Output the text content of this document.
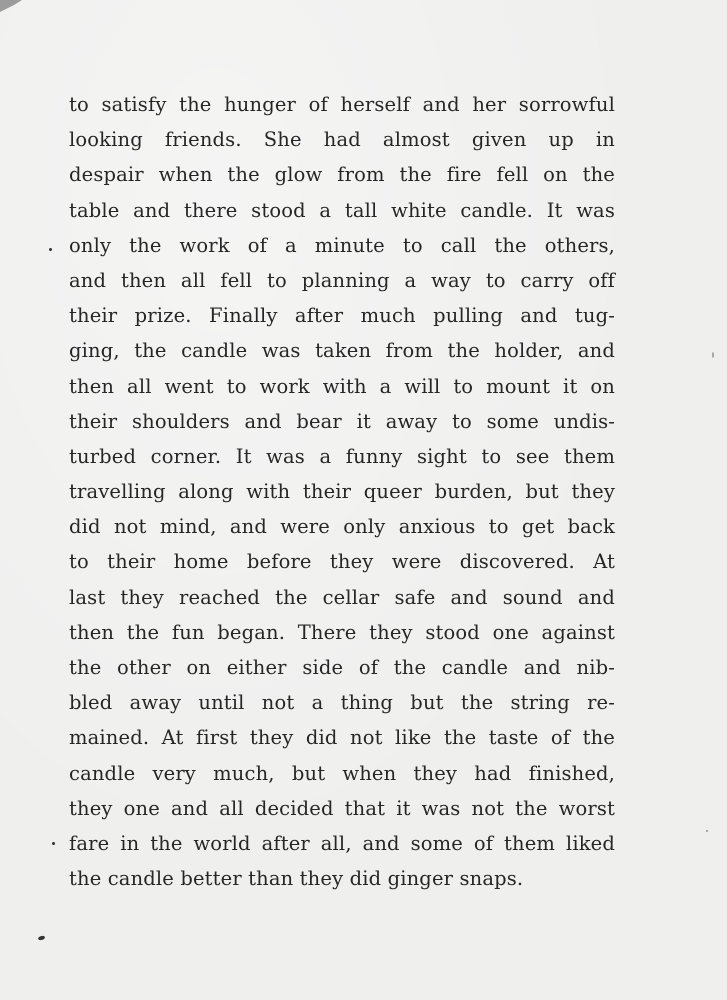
to satisfy the hunger of herself and her sorrowful
looking friends. She had almost given up in
despair when the glow from the fire fell on the
table and there stood a tall white candle. It was
only the work of a minute to call the others,
and then all fell to planning a way to carry off
their prize. Finally after much pulling and tug-
ging, the candle was taken from the holder, and
then all went to work with a will to mount it on
their shoulders and bear it away to some undis-
turbed corner. It was a funny sight to see them
travelling along with their queer burden, but they
did not mind, and were only anxious to get back
to their home before they were discovered. At
last they reached the cellar safe and sound and
then the fun began. There they stood one against
the other on either side of the candle and nib-
bled away until not a thing but the string re-
mained. At first they did not like the taste of the
candle very much, but when they had finished,
they one and all decided that it was not the worst
fare in the world after all, and some of them liked
the candle better than they did ginger snaps.
